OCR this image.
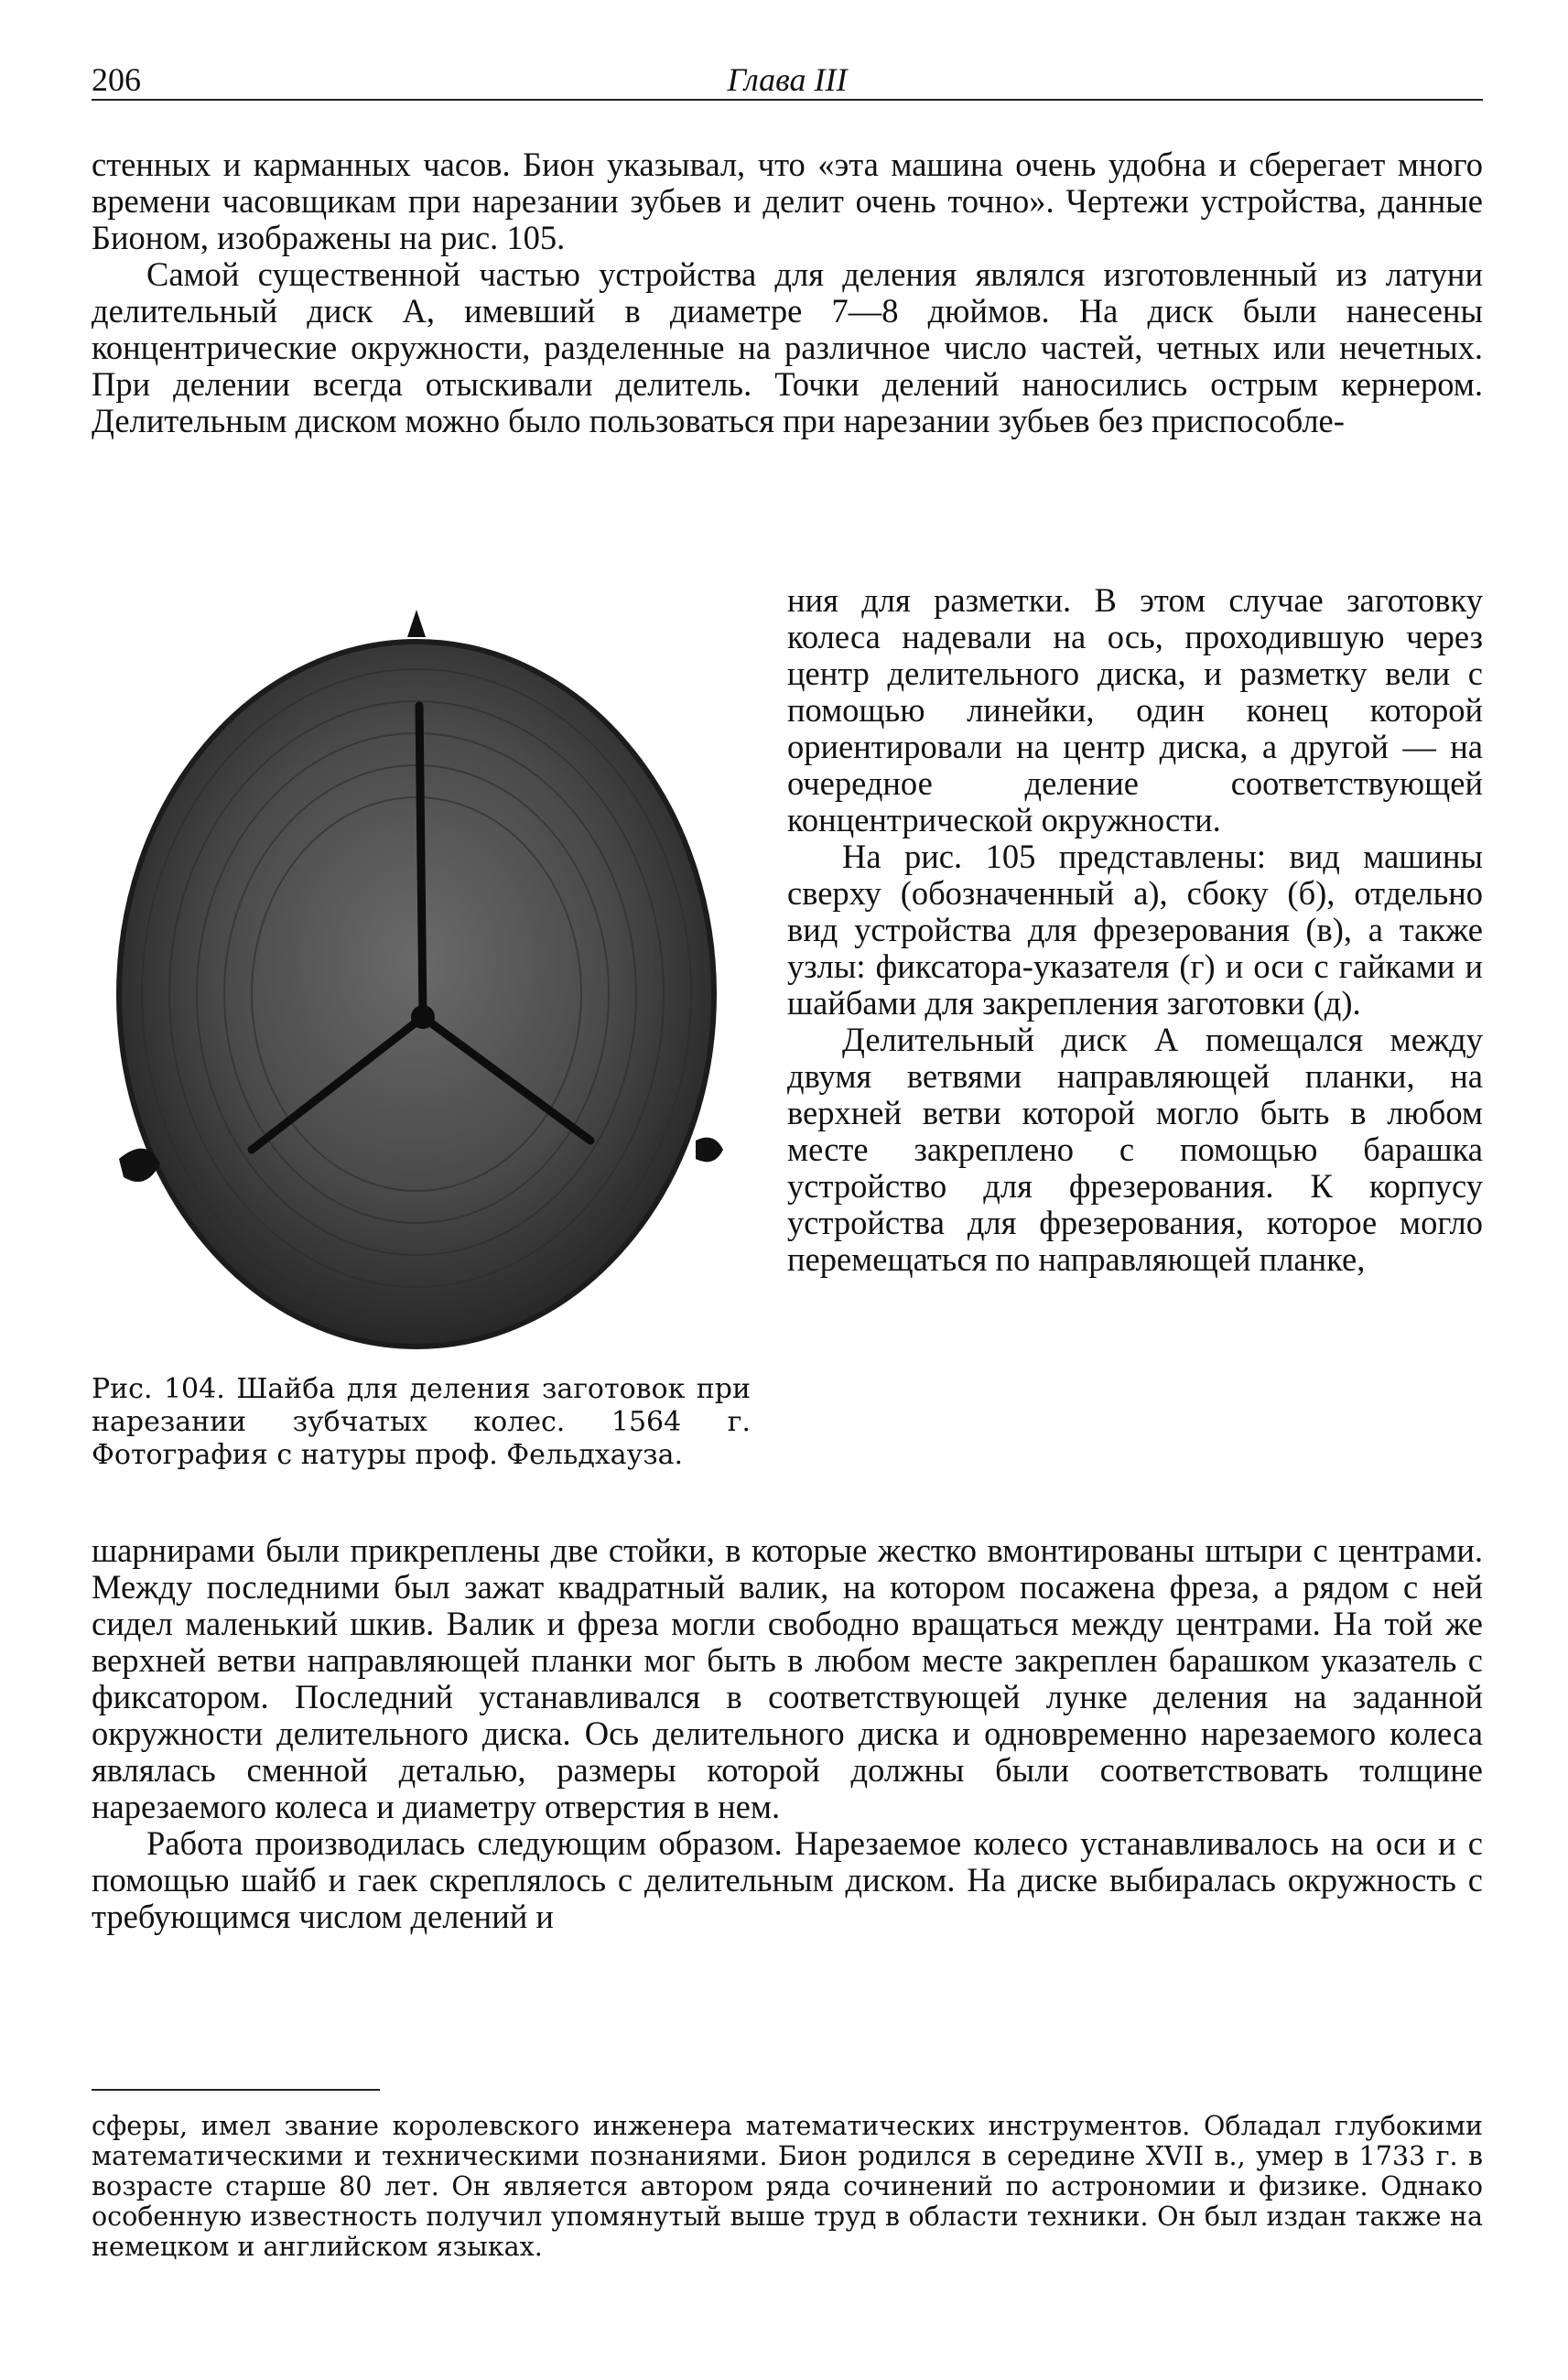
206	Глава III

стенных и карманных часов. Бион указывал, что «эта машина очень удобна и сберегает много времени часовщикам при нарезании зубьев и делит очень точно». Чертежи устройства, данные Бионом, изображены на рис. 105.

Самой существенной частью устройства для деления являлся изготовленный из латуни делительный диск А, имевший в диаметре 7—8 дюймов. На диск были нанесены концентрические окружности, разделенные на различное число частей, четных или нечетных. При делении всегда отыскивали делитель. Точки делений наносились острым кернером. Делительным диском можно было пользоваться при нарезании зубьев без приспособле-

Рис. 104. Шайба для деления заготовок при нарезании зубчатых колес. 1564 г. Фотография с натуры проф. Фельдхауза.

ния для разметки. В этом случае заготовку колеса надевали на ось, проходившую через центр делительного диска, и разметку вели с помощью линейки, один конец которой ориентировали на центр диска, а другой — на очередное деление соответствующей концентрической окружности.

На рис. 105 представлены: вид машины сверху (обозначенный а), сбоку (б), отдельно вид устройства для фрезерования (в), а также узлы: фиксатора-указателя (г) и оси с гайками и шайбами для закрепления заготовки (д).

Делительный диск А помещался между двумя ветвями направляющей планки, на верхней ветви которой могло быть в любом месте закреплено с помощью барашка устройство для фрезерования. К корпусу устройства для фрезерования, которое могло перемещаться по направляющей планке,

шарнирами были прикреплены две стойки, в которые жестко вмонтированы штыри с центрами. Между последними был зажат квадратный валик, на котором посажена фреза, а рядом с ней сидел маленький шкив. Валик и фреза могли свободно вращаться между центрами. На той же верхней ветви направляющей планки мог быть в любом месте закреплен барашком указатель с фиксатором. Последний устанавливался в соответствующей лунке деления на заданной окружности делительного диска. Ось делительного диска и одновременно нарезаемого колеса являлась сменной деталью, размеры которой должны были соответствовать толщине нарезаемого колеса и диаметру отверстия в нем.

Работа производилась следующим образом. Нарезаемое колесо устанавливалось на оси и с помощью шайб и гаек скреплялось с делительным диском. На диске выбиралась окружность с требующимся числом делений и

сферы, имел звание королевского инженера математических инструментов. Обладал глубокими математическими и техническими познаниями. Бион родился в середине XVII в., умер в 1733 г. в возрасте старше 80 лет. Он является автором ряда сочинений по астрономии и физике. Однако особенную известность получил упомянутый выше труд в области техники. Он был издан также на немецком и английском языках.
